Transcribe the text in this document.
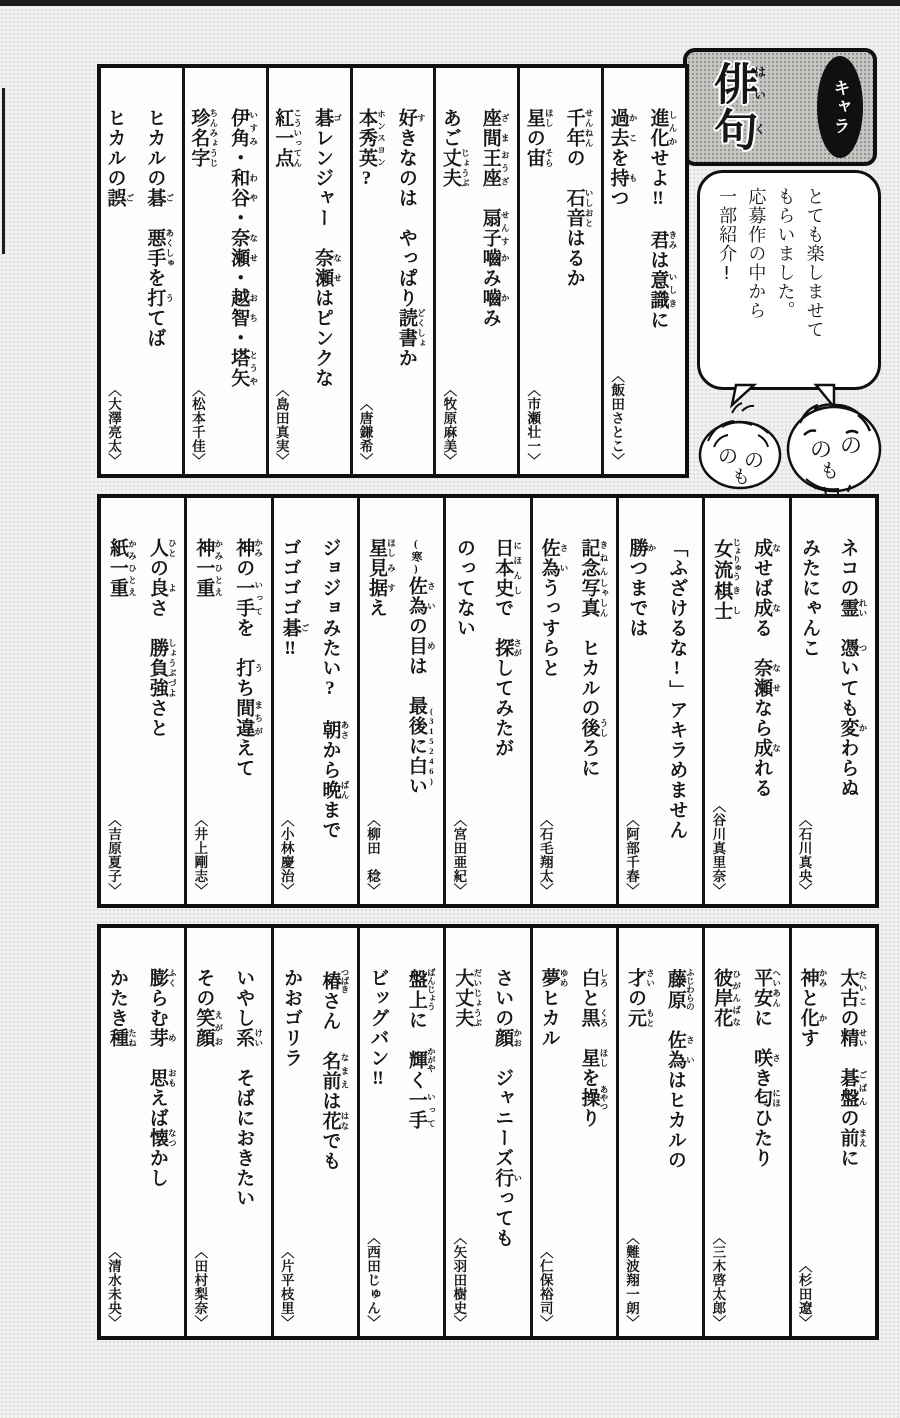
俳はい句く	キャラ

とても楽しませて

もらいました。

応募作の中から

一部紹介!

の の
も
の の
も

進化 しんかせよ‼　君 きみは意識 いしきに

過去 かこを持 もつ

〈飯田さとこ〉

千年 せんねんの　石音 いしおとはるか

星 ほしの宙 そら

〈市瀬壮一〉

座間 ざま王座 おうざ　扇子 せんす嚙 かみ嚙 かみ

あご丈夫 じょうぶ

〈牧原麻美〉

好 すきなのは　やっぱり読書 どくしょか

本秀英 ホンスヨン?

〈唐鎌希〉

碁 ゴレンジャー　奈瀬 なせはピンクな

紅一点 こういってん

〈島田真実〉

伊角 いすみ・和谷 わや・奈瀬 なせ・越智 おち・塔矢 とうや

珍名字 ちんみょうじ

〈松本千佳〉

ヒカルの碁 ご　悪手 あくしゅを打 うてば

ヒカルの誤 ご

〈大澤亮太〉

ネコの霊 れい　憑 ついても変 かわらぬ

みたにゃんこ

〈石川真央〉

成 なせば成 なる　奈瀬 なせなら成 なれる

女流 じょりゅう棋士 きし

〈谷川真里奈〉

「ふざけるな!」アキラめません

勝 かつまでは

〈阿部千春〉

記念 きねん写真 しゃしん　ヒカルの後 うしろに

佐為 さいうっすらと

〈石毛翔太〉

日本史 にほんしで　探 さがしてみたが

のってない

〈宮田亜紀〉

(寒)佐為 さいの目 めは　最後に白い (315246)

星 ほし見 み据 すえ

〈柳田　稔〉

ジョジョみたい?　朝 あさから晩 ばんまで

ゴゴゴゴ碁 ご‼

〈小林慶治〉

神 かみの一手 いってを　打 うち間違 まちがえて

神一重 かみひとえ

〈井上剛志〉

人 ひとの良 よさ　勝負強 しょうぶづよさと

紙一重 かみひとえ

〈吉原夏子〉

太古 たいこの精 せい　碁盤 ごばんの前 まえに

神 かみと化 かす

〈杉田遼〉

平安 へいあんに　咲 さき匂 にほひたり

彼岸花 ひがんばな

〈三木啓太郎〉

藤原 ふじわらの　佐為 さいはヒカルの

才 さいの元 もと

〈難波翔一朗〉

白 しろと黒 くろ　星 ほしを操 あやつり

夢 ゆめヒカル

〈仁保裕司〉

さいの顔 かお　ジャニーズ行 いっても

大丈夫 だいじょうぶ

〈矢羽田樹史〉

盤上 ばんじょうに　輝 かがやく一手 いって

ビッグバン‼

〈西田じゅん〉

椿 つばきさん　名前 なまえは花 はなでも

かおゴリラ

〈片平枝里〉

いやし系 けい　そばにおきたい

その笑顔 えがお

〈田村梨奈〉

膨 ふくらむ芽 め　思 おもえば懐 なつかし

かたき種 たね

〈清水未央〉
